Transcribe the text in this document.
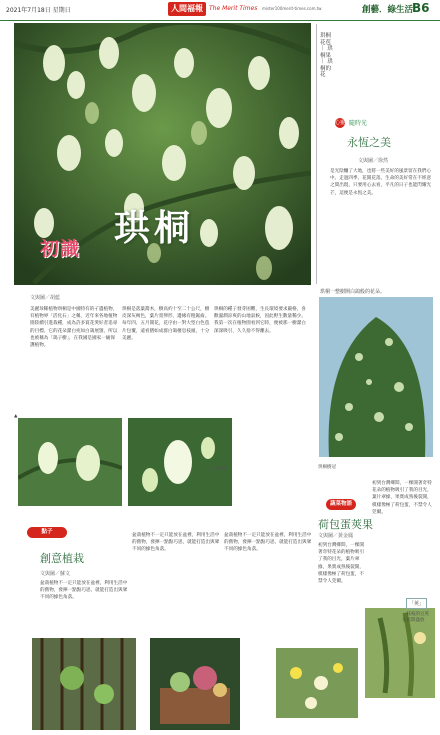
2021年7月18日 星期日	人間福報	The Merit Times mister100merit-times.com.tw	創藝．綠生活
B6
珙桐
初識
珙桐花苞 ｜ 珙桐果 ｜ 珙桐的花
心靈 隨時光
永恆之美
文與圖／徐然
是光陰釀了大地，也將一些美好的風景留在我們心中。走過四季，花開花落，生命的美好常在不經意之間出現，只要用心去看，平凡的日子也能閃耀光芒，這便是永恆之美。
珙桐一整樹開白鴿般的花朵。
珙桐樹冠
文與圖／胡藍
美麗珍稀植物珙桐是中國特有的孑遺植物，有植物界「活化石」之稱，近年來各地植物園陸續引進栽種，成為許多賞花愛好者追尋的目標。它的花朵潔白宛如白鴿展翅，所以也被稱為「鴿子樹」，在我國是國家一級保護植物。
珙桐是落葉喬木，樹高約十至二十公尺，樹皮深灰褐色，葉片寬卵形，邊緣有粗鋸齒。每年四、五月開花，花序由一對大型白色苞片包覆，遠看猶如成群白鴿棲息枝頭，十分美麗。
珙桐的種子發芽困難，生長環境要求嚴格，喜歡濕潤涼爽的山地氣候，因此野生數量稀少。我第一次在植物園看到它時，便被那一樹潔白深深吸引，久久捨不得離去。
▲
珙桐樹冠
蔬菜物語
荷包蛋莢果
文與圖／黃金鳳
初到台灣鄉間，一棵開著奇特花朵的植物吸引了我的目光，葉片翠綠，果實成熟後裂開，模樣像極了荷包蛋，不禁令人莞爾。
初到台灣鄉間，一棵開著奇特花朵的植物吸引了我的目光，葉片翠綠，果實成熟後裂開，模樣像極了荷包蛋，不禁令人莞爾。
點子
創意植栽
文與圖／蘇文
盆栽植物不一定只能放在盆裡，利用生活中的舊物，發揮一點點巧思，就能打造出與眾不同的綠色角落。
盆栽植物不一定只能放在盆裡，利用生活中的舊物，發揮一點點巧思，就能打造出與眾不同的綠色角落。
盆栽植物不一定只能放在盆裡，利用生活中的舊物，發揮一點點巧思，就能打造出與眾不同的綠色角落。
「莢」
一枝枝的豆莢
在花間盛放
